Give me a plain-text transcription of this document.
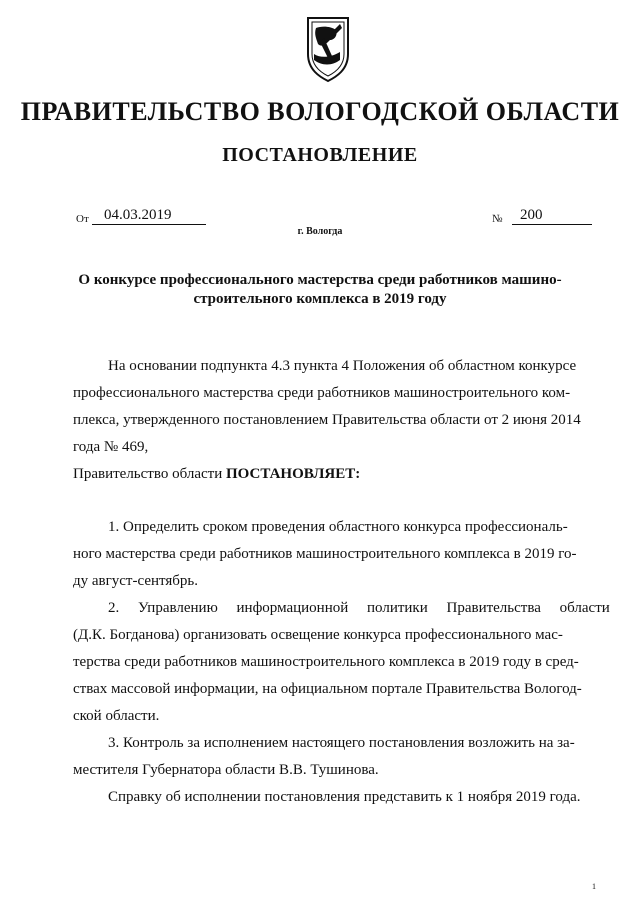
ПРАВИТЕЛЬСТВО ВОЛОГОДСКОЙ ОБЛАСТИ
ПОСТАНОВЛЕНИЕ
От 04.03.2019	№ 200
г. Вологда
О конкурсе профессионального мастерства среди работников машино-
строительного комплекса в 2019 году
На основании подпункта 4.3 пункта 4 Положения об областном конкурсе
профессионального мастерства среди работников машиностроительного ком-
плекса, утвержденного постановлением Правительства области от 2 июня 2014
года № 469,
Правительство области ПОСТАНОВЛЯЕТ:
1. Определить сроком проведения областного конкурса профессиональ-
ного мастерства среди работников машиностроительного комплекса в 2019 го-
ду август-сентябрь.
2. Управлению информационной политики Правительства области
(Д.К. Богданова) организовать освещение конкурса профессионального мас-
терства среди работников машиностроительного комплекса в 2019 году в сред-
ствах массовой информации, на официальном портале Правительства Вологод-
ской области.
3. Контроль за исполнением настоящего постановления возложить на за-
местителя Губернатора области В.В. Тушинова.
Справку об исполнении постановления представить к 1 ноября 2019 года.
1
